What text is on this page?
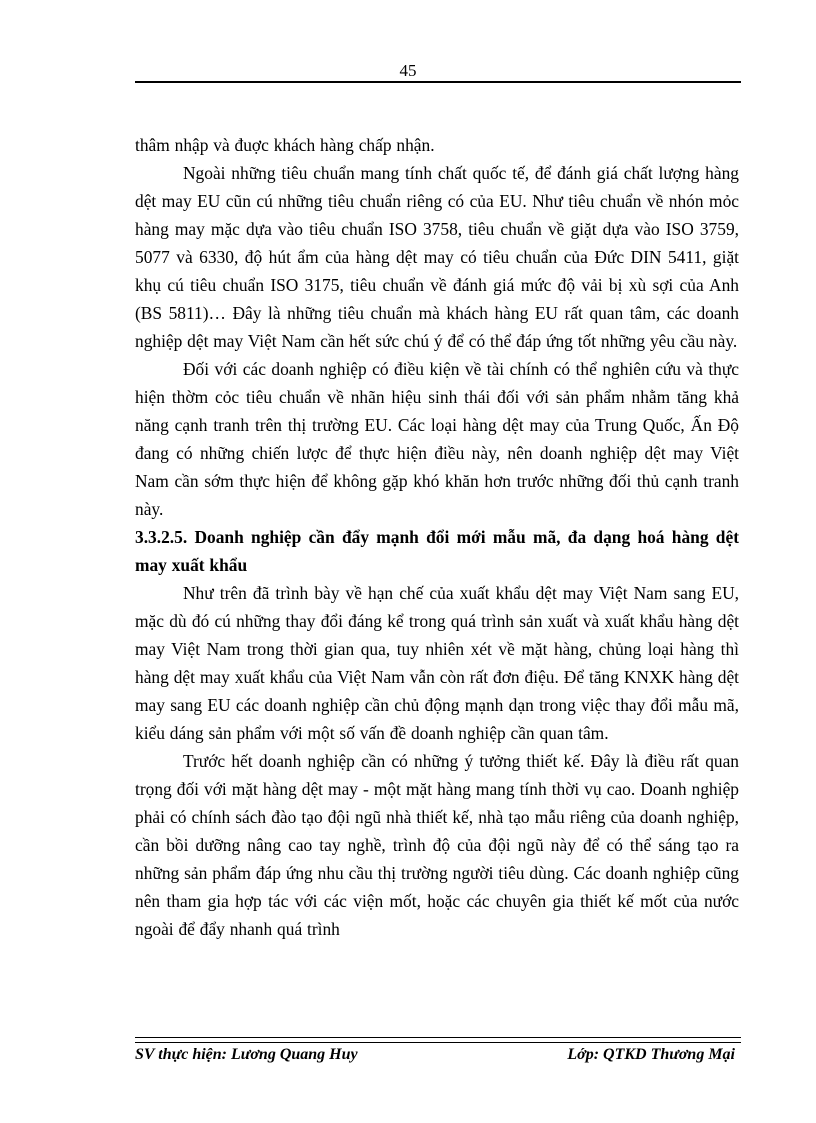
45

thâm nhập và đuợc khách hàng chấp nhận.

Ngoài những tiêu chuẩn mang tính chất quốc tế, để đánh giá chất lượng hàng dệt may EU cũn cú những tiêu chuẩn riêng có của EU. Như tiêu chuẩn về nhón mỏc hàng may mặc dựa vào tiêu chuẩn ISO 3758, tiêu chuẩn về giặt dựa vào ISO 3759, 5077 và 6330, độ hút ẩm của hàng dệt may có tiêu chuẩn của Đức DIN 5411, giặt khụ cú tiêu chuẩn ISO 3175, tiêu chuẩn về đánh giá mức độ vải bị xù sợi của Anh (BS 5811)… Đây là những tiêu chuẩn mà khách hàng EU rất quan tâm, các doanh nghiệp dệt may Việt Nam cần hết sức chú ý để có thể đáp ứng tốt những yêu cầu này.

Đối với các doanh nghiệp có điều kiện về tài chính có thể nghiên cứu và thực hiện thờm cỏc tiêu chuẩn về nhãn hiệu sinh thái đối với sản phẩm nhằm tăng khả năng cạnh tranh trên thị trường EU. Các loại hàng dệt may của Trung Quốc, Ấn Độ đang có những chiến lược để thực hiện điều này, nên doanh nghiệp dệt may Việt Nam cần sớm thực hiện để không gặp khó khăn hơn trước những đối thủ cạnh tranh này.

3.3.2.5. Doanh nghiệp cần đẩy mạnh đổi mới mẫu mã, đa dạng hoá hàng dệt may xuất khẩu

Như trên đã trình bày về hạn chế của xuất khẩu dệt may Việt Nam sang EU, mặc dù đó cú những thay đổi đáng kể trong quá trình sản xuất và xuất khẩu hàng dệt may Việt Nam trong thời gian qua, tuy nhiên xét về mặt hàng, chủng loại hàng thì hàng dệt may xuất khẩu của Việt Nam vẫn còn rất đơn điệu. Để tăng KNXK hàng dệt may sang EU các doanh nghiệp cần chủ động mạnh dạn trong việc thay đổi mẫu mã, kiểu dáng sản phẩm với một số vấn đề doanh nghiệp cần quan tâm.

Trước hết doanh nghiệp cần có những ý tưởng thiết kế. Đây là điều rất quan trọng đối với mặt hàng dệt may - một mặt hàng mang tính thời vụ cao. Doanh nghiệp phải có chính sách đào tạo đội ngũ nhà thiết kế, nhà tạo mẫu riêng của doanh nghiệp, cần bồi dưỡng nâng cao tay nghề, trình độ của đội ngũ này để có thể sáng tạo ra những sản phẩm đáp ứng nhu cầu thị trường người tiêu dùng. Các doanh nghiệp cũng nên tham gia hợp tác với các viện mốt, hoặc các chuyên gia thiết kế mốt của nước ngoài để đẩy nhanh quá trình

SV thực hiện: Lương Quang Huy	Lớp: QTKD Thương Mại
